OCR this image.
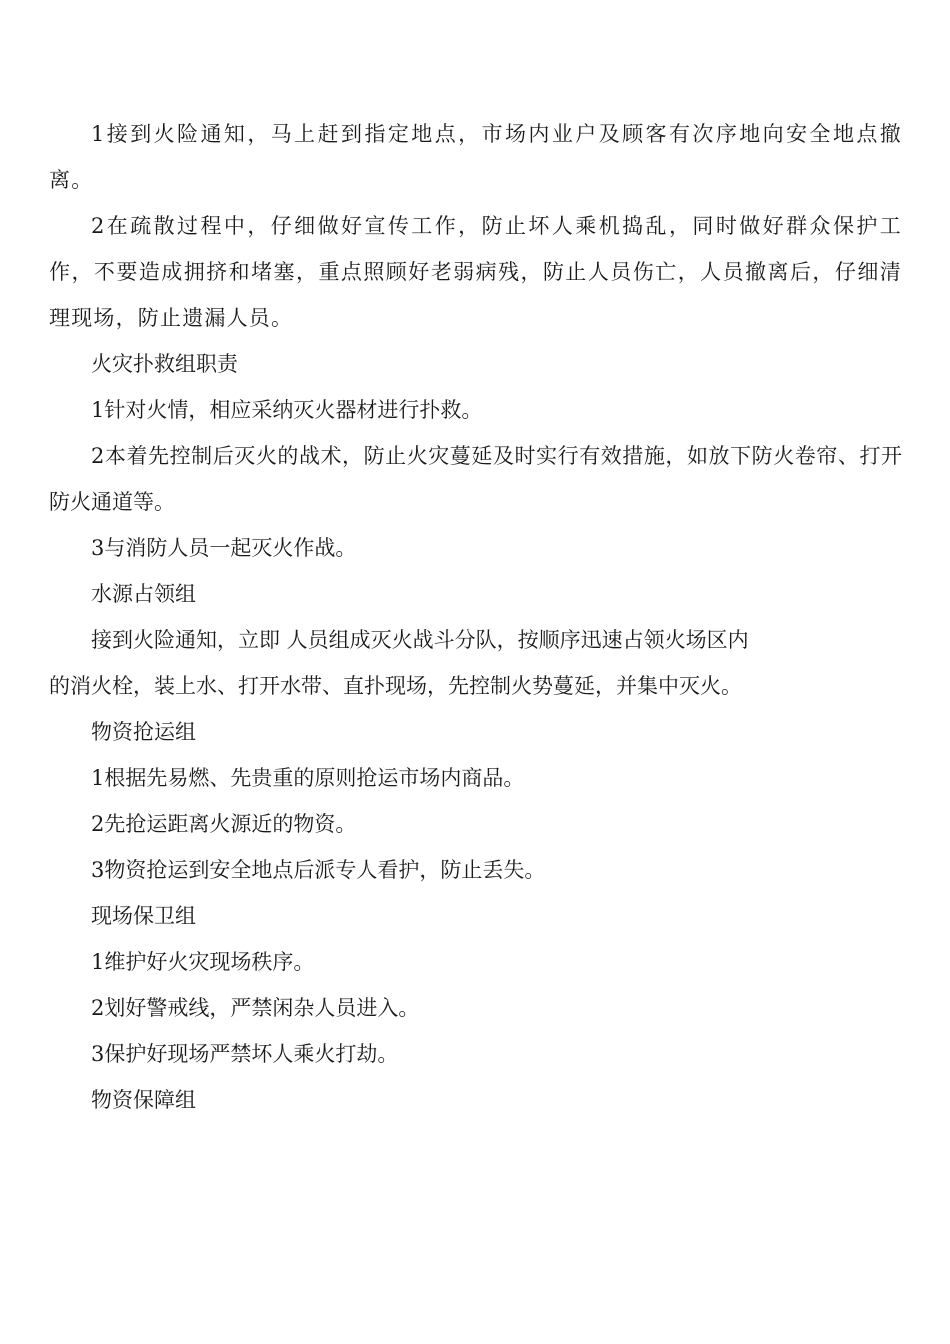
1接到火险通知，马上赶到指定地点，市场内业户及顾客有次序地向安全地点撤离。

2在疏散过程中，仔细做好宣传工作，防止坏人乘机捣乱，同时做好群众保护工作，不要造成拥挤和堵塞，重点照顾好老弱病残，防止人员伤亡，人员撤离后，仔细清理现场，防止遗漏人员。

火灾扑救组职责

1针对火情，相应采纳灭火器材进行扑救。

2本着先控制后灭火的战术，防止火灾蔓延及时实行有效措施，如放下防火卷帘、打开防火通道等。

3与消防人员一起灭火作战。

水源占领组

接到火险通知，立即 人员组成灭火战斗分队，按顺序迅速占领火场区内

的消火栓，装上水、打开水带、直扑现场，先控制火势蔓延，并集中灭火。

物资抢运组

1根据先易燃、先贵重的原则抢运市场内商品。

2先抢运距离火源近的物资。

3物资抢运到安全地点后派专人看护，防止丢失。

现场保卫组

1维护好火灾现场秩序。

2划好警戒线，严禁闲杂人员进入。

3保护好现场严禁坏人乘火打劫。

物资保障组
